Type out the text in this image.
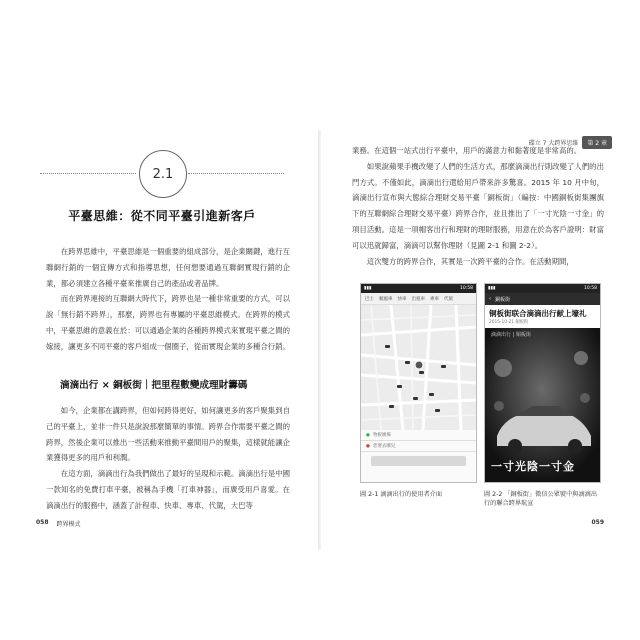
碟立 7 大跨界思維	第 2 章
2.1
平臺思維：從不同平臺引進新客戶

在跨界思維中，平臺思維是一個重要的組成部分，是企業關鍵，進行互聯網行銷的一個宜傳方式和指導思想，任何想要通過互聯網實現行銷的企業，都必須建立各種平臺來推廣自己的產品或者品牌。

而在跨界連接的互聯網大時代下，跨界也是一種非常重要的方式，可以說「無行銷不跨界」，那麼，跨界也有專屬的平臺思維模式。在跨界的模式中，平臺思維的意義在於：可以通過企業的各種跨界模式來實現平臺之間的嫁接，讓更多不同平臺的客戶組成一個圈子，從而實現企業的多種合行銷。

滴滴出行 × 銅板街｜把里程數變成理財籌碼

如今，企業都在講跨界，但如何跨得更好，如何讓更多的客戶聚集到自己的平臺上，並非一件只是說說那麼簡單的事情。跨界合作需要平臺之間的跨界，然後企業可以推出一些活動來推動平臺間用戶的聚集，這樣就能讓企業獲得更多的用戶和利潤。

在這方面，滴滴出行為我們做出了最好的呈現和示範。滴滴出行是中國一款知名的免費打車平臺，被稱為手機「打車神器」，而廣受用戶喜愛。在滴滴出行的服務中，涵蓋了計程車、快車、專車、代駕，大巴等

058 跨界模式

業務。在這個一站式出行平臺中，用戶的滿意力和黏著度是非常高的。

如果說蘋果手機改變了人們的生活方式，那麼滴滴出行則改變了人們的出門方式。不僅如此，滴滴出行還給用戶帶來許多驚喜。2015 年 10 月中旬，滴滴出行宣布與大態綜合理財交易平臺「銅板街」（編按：中國銅板街集團旗下的互聯網綜合理財交易平臺）跨界合作，並且推出了「一寸光陰一寸金」的項目活動。這是一項帽客出行和理財的理財服務，用意在於為客戶證明：財富可以迅就歸富，滴滴可以幫你理財（見圖 2-1 和圖 2-2）。

這次雙方的跨界合作，其實是一次跨平臺的合作。在活動期間，

▮▮▮	10:58
巴士 順風車 快車 出租車 專車 代駕
● 物板廣場
● 您要去哪兒
▮▮▮	10:58
‹ 銅板街
铜板街联合滴滴出行献上壕礼
2015-10-21 銅板街
滴滴出行 | 铜板街
一寸光陰一寸金
圖 2-1 滴滴出行的使用者介面	圖 2-2 「銅板街」微信公眾號中與滴滴出行的聯合跨界航宣
059
